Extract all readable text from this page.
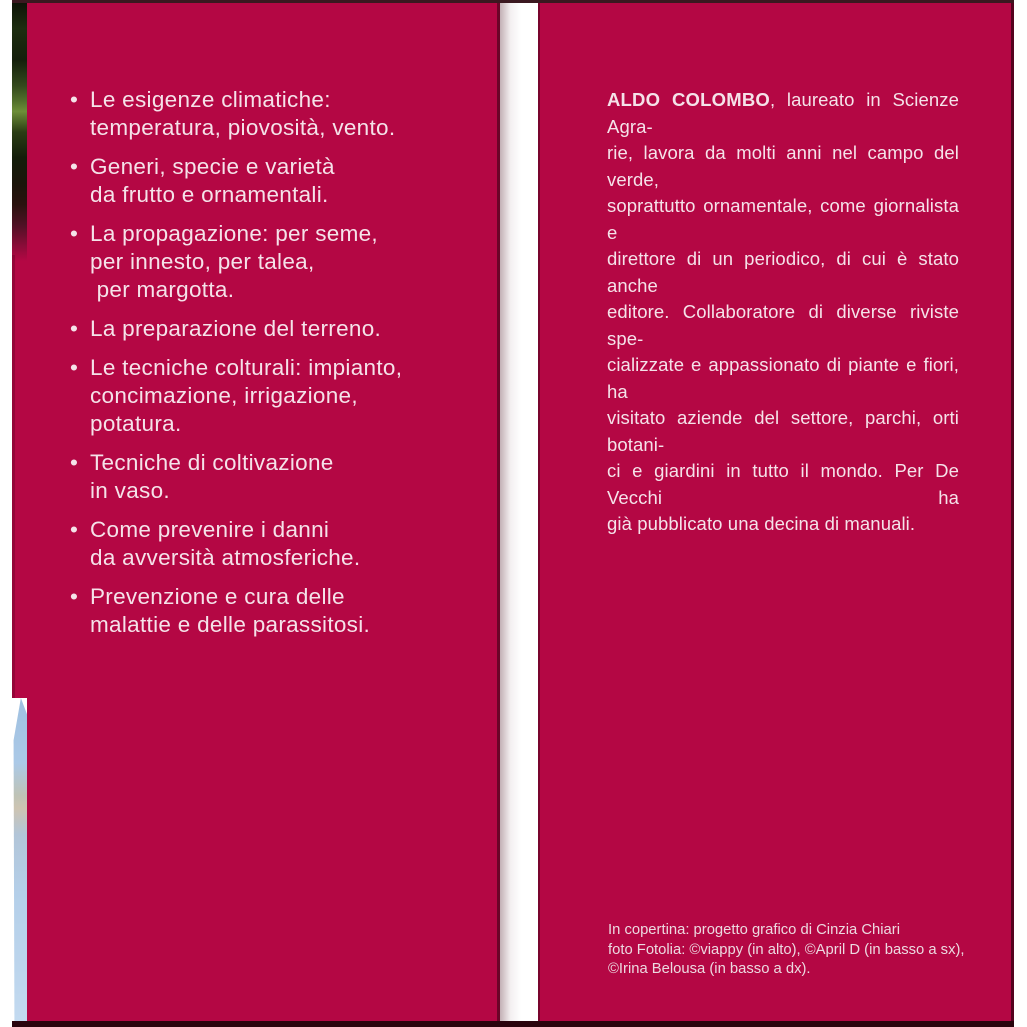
• Le esigenze climatiche:
temperatura, piovosità, vento.
• Generi, specie e varietà
da frutto e ornamentali.
• La propagazione: per seme,
per innesto, per talea,
per margotta.
• La preparazione del terreno.
• Le tecniche colturali: impianto,
concimazione, irrigazione,
potatura.
• Tecniche di coltivazione
in vaso.
• Come prevenire i danni
da avversità atmosferiche.
• Prevenzione e cura delle
malattie e delle parassitosi.
ALDO COLOMBO, laureato in Scienze Agra-
rie, lavora da molti anni nel campo del verde,
soprattutto ornamentale, come giornalista e
direttore di un periodico, di cui è stato anche
editore. Collaboratore di diverse riviste spe-
cializzate e appassionato di piante e fiori, ha
visitato aziende del settore, parchi, orti botani-
ci e giardini in tutto il mondo. Per De Vecchi ha
già pubblicato una decina di manuali.
In copertina: progetto grafico di Cinzia Chiari
foto Fotolia: ©viappy (in alto), ©April D (in basso a sx),
©Irina Belousa (in basso a dx).
